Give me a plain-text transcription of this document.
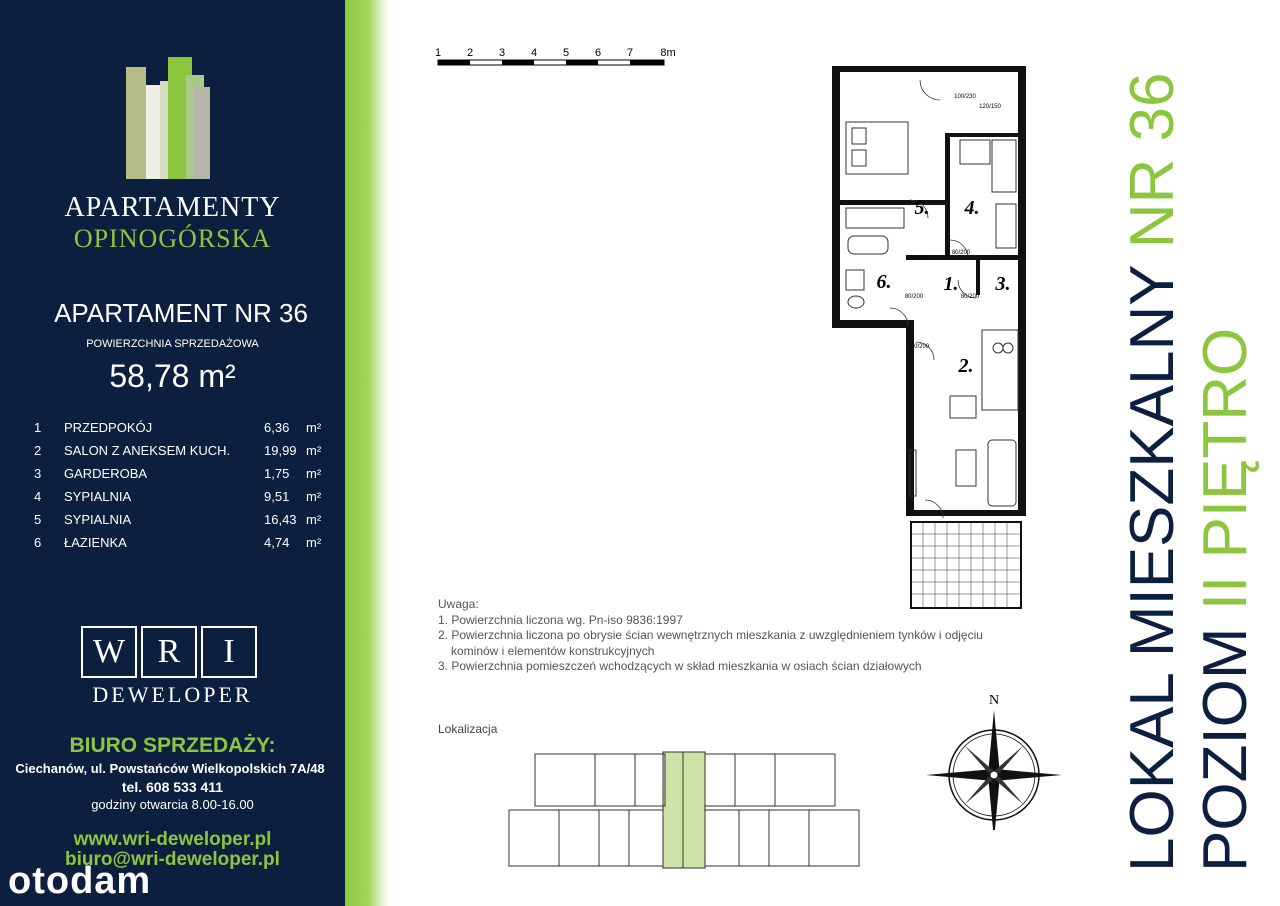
APARTAMENTY
OPINOGÓRSKA
APARTAMENT NR 36
POWIERZCHNIA SPRZEDAŻOWA
58,78 m²
1 PRZEDPOKÓJ	6,36 m²
2 SALON Z ANEKSEM KUCH.	19,99 m²
3 GARDEROBA	1,75 m²
4 SYPIALNIA	9,51 m²
5 SYPIALNIA	16,43 m²
6 ŁAZIENKA	4,74 m²
W R	I
DEWELOPER
BIURO SPRZEDAŻY:
Ciechanów, ul. Powstańców Wielkopolskich 7A/48
tel. 608 533 411
godziny otwarcia 8.00-16.00
www.wri-deweloper.pl
biuro@wri-deweloper.pl
otodam
1 2 3 4 5 6 7 8m
5. 4.
1. 3.
6.
2.
90/200
80/200
80/200
80/200	80/200
100/230
120/150
Uwaga:
1. Powierzchnia liczona wg. Pn-iso 9836:1997
2. Powierzchnia liczona po obrysie ścian wewnętrznych mieszkania z uwzględnieniem tynków i odjęciu
kominów i elementów konstrukcyjnych
3. Powierzchnia pomieszczeń wchodzących w skład mieszkania w osiach ścian działowych
Lokalizacja
N LOKAL MIESZKALNY NR 36
POZIOM II PIĘTRO
